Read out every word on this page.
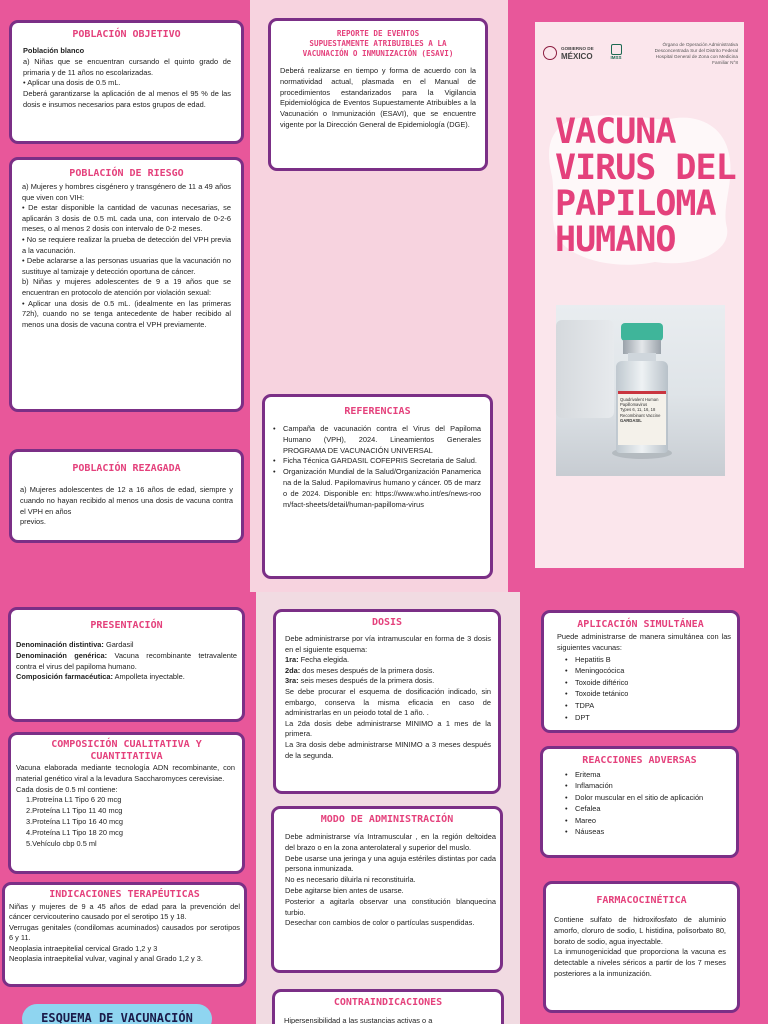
POBLACIÓN OBJETIVO

Población blanco

a) Niñas que se encuentran cursando el quinto grado de primaria y de 11 años no escolarizadas.

• Aplicar una dosis de 0.5 mL.

Deberá garantizarse la aplicación de al menos el 95 % de las dosis e insumos necesarios para estos grupos de edad.

POBLACIÓN DE RIESGO

a) Mujeres y hombres cisgénero y transgénero de 11 a 49 años que viven con VIH:

• De estar disponible la cantidad de vacunas necesarias, se aplicarán 3 dosis de 0.5 mL cada una, con intervalo de 0-2-6 meses, o al menos 2 dosis con intervalo de 0-2 meses.

• No se requiere realizar la prueba de detección del VPH previa a la vacunación.

• Debe aclararse a las personas usuarias que la vacunación no sustituye al tamizaje y detección oportuna de cáncer.

b) Niñas y mujeres adolescentes de 9 a 19 años que se encuentran en protocolo de atención por violación sexual:

• Aplicar una dosis de 0.5 mL. (idealmente en las primeras 72h), cuando no se tenga antecedente de haber recibido al menos una dosis de vacuna contra el VPH previamente.

POBLACIÓN REZAGADA

a) Mujeres adolescentes de 12 a 16 años de edad, siempre y cuando no hayan recibido al menos una dosis de vacuna contra el VPH en años

previos.

REPORTE DE EVENTOS
SUPUESTAMENTE ATRIBUIBLES A LA
VACUNACIÓN O INMUNIZACIÓN (ESAVI)
Deberá realizarse en tiempo y forma de acuerdo con la normatividad actual, plasmada en el Manual de procedimientos estandarizados para la Vigilancia Epidemiológica de Eventos Supuestamente Atribuibles a la Vacunación o Inmunización (ESAVI), que se encuentre vigente por la Dirección General de Epidemiología (DGE).
REFERENCIAS
• Campaña de vacunación contra el Virus del Papiloma Humano (VPH), 2024. Lineamientos Generales PROGRAMA DE VACUNACIÓN UNIVERSAL
• Ficha Técnica GARDASIL COFEPRIS Secretaria de Salud.
• Organización Mundial de la Salud/Organización Panamericana de la Salud. Papilomavirus humano y cáncer. 05 de marzo de 2024. Disponible en: https://www.who.int/es/news-room/fact-sheets/detail/human-papilloma-virus
GOBIERNO DE
MÉXICO	IMSS
Órgano de Operación Administrativa
Desconcentrada Sur del Distrito Federal
Hospital General de Zona con Medicina
Familiar N°8
VACUNA
VIRUS DEL
PAPILOMA
HUMANO
Quadrivalent Human
Papillomavirus
Types 6, 11, 16, 18
Recombinant Vaccine
GARDASIL
PRESENTACIÓN

Denominación distintiva: Gardasil

Denominación genérica: Vacuna recombinante tetravalente contra el virus del papiloma humano.

Composición farmacéutica: Ampolleta inyectable.

COMPOSICIÓN CUALITATIVA Y
CUANTITATIVA

Vacuna elaborada mediante tecnología ADN recombinante, con material genético viral a la levadura Saccharomyces cerevisiae.

Cada dosis de 0.5 ml contiene:

1.Protreína L1 Tipo 6 20 mcg
2.Proteína L1 Tipo 11 40 mcg
3.Proteína L1 Tipo 16 40 mcg
4.Proteína L1 Tipo 18 20 mcg
5.Vehículo cbp 0.5 ml
INDICACIONES TERAPÉUTICAS

Niñas y mujeres de 9 a 45 años de edad para la prevención del cáncer cervicouterino causado por el serotipo 15 y 18.

Verrugas genitales (condilomas acuminados) causados por serotipos 6 y 11.

Neoplasia intraepitelial cervical Grado 1,2 y 3

Neoplasia intraepitelial vulvar, vaginal y anal Grado 1,2 y 3.

ESQUEMA DE VACUNACIÓN
DOSIS

Debe administrarse por vía intramuscular en forma de 3 dosis en el siguiente esquema:

1ra: Fecha elegida.

2da: dos meses después de la primera dosis.

3ra: seis meses después de la primera dosis.

Se debe procurar el esquema de dosificación indicado, sin embargo, conserva la misma eficacia en caso de administrarlas en un peiodo total de 1 año. .

La 2da dosis debe administrarse MINIMO a 1 mes de la primera.

La 3ra dosis debe administrarse MINIMO a 3 meses después de la segunda.

MODO DE ADMINISTRACIÓN

Debe administrarse vía Intramuscular , en la región deltoidea del brazo o en la zona anterolateral y superior del muslo.

Debe usarse una jeringa y una aguja estériles distintas por cada persona inmunizada.

No es necesario diluirla ni reconstituirla.

Debe agitarse bien antes de usarse.

Posterior a agitarla observar una constitución blanquecina turbio.

Desechar con cambios de color o partículas suspendidas.

CONTRAINDICACIONES
Hipersensibilidad a las sustancias activas o a
APLICACIÓN SIMULTÁNEA

Puede administrarse de manera simultánea con las siguientes vacunas:

• Hepatitis B
• Meningocócica
• Toxoide diftérico
• Toxoide tetánico
• TDPA
• DPT
REACCIONES ADVERSAS
• Eritema
• Inflamación
• Dolor muscular en el sitio de aplicación
• Cefalea
• Mareo
• Náuseas
FARMACOCINÉTICA

Contiene sulfato de hidroxifosfato de aluminio amorfo, cloruro de sodio, L histidina, polisorbato 80, borato de sodio, agua inyectable.

La inmunogenicidad que proporciona la vacuna es detectable a niveles séricos a partir de los 7 meses posteriores a la inmunización.
